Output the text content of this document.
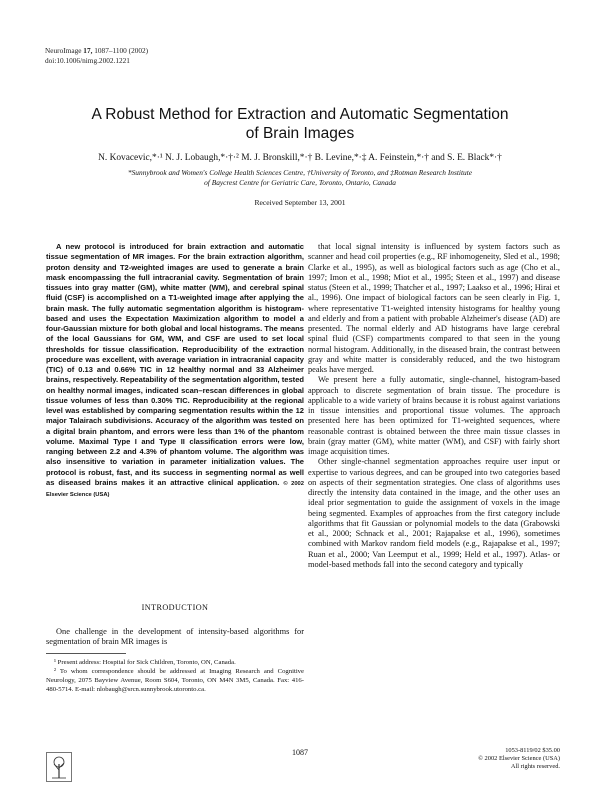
NeuroImage 17, 1087–1100 (2002)
doi:10.1006/nimg.2002.1221
A Robust Method for Extraction and Automatic Segmentation
of Brain Images
N. Kovacevic,*·¹ N. J. Lobaugh,*·†·² M. J. Bronskill,*·† B. Levine,*·‡ A. Feinstein,*·† and S. E. Black*·†
*Sunnybrook and Women's College Health Sciences Centre, †University of Toronto, and ‡Rotman Research Institute
of Baycrest Centre for Geriatric Care, Toronto, Ontario, Canada
Received September 13, 2001

A new protocol is introduced for brain extraction and automatic tissue segmentation of MR images. For the brain extraction algorithm, proton density and T2-weighted images are used to generate a brain mask encompassing the full intracranial cavity. Segmentation of brain tissues into gray matter (GM), white matter (WM), and cerebral spinal fluid (CSF) is accomplished on a T1-weighted image after applying the brain mask. The fully automatic segmentation algorithm is histogram-based and uses the Expectation Maximization algorithm to model a four-Gaussian mixture for both global and local histograms. The means of the local Gaussians for GM, WM, and CSF are used to set local thresholds for tissue classification. Reproducibility of the extraction procedure was excellent, with average variation in intracranial capacity (TIC) of 0.13 and 0.66% TIC in 12 healthy normal and 33 Alzheimer brains, respectively. Repeatability of the segmentation algorithm, tested on healthy normal images, indicated scan–rescan differences in global tissue volumes of less than 0.30% TIC. Reproducibility at the regional level was established by comparing segmentation results within the 12 major Talairach subdivisions. Accuracy of the algorithm was tested on a digital brain phantom, and errors were less than 1% of the phantom volume. Maximal Type I and Type II classification errors were low, ranging between 2.2 and 4.3% of phantom volume. The algorithm was also insensitive to variation in parameter initialization values. The protocol is robust, fast, and its success in segmenting normal as well as diseased brains makes it an attractive clinical application. © 2002 Elsevier Science (USA)

INTRODUCTION

One challenge in the development of intensity-based algorithms for segmentation of brain MR images is

¹ Present address: Hospital for Sick Children, Toronto, ON, Canada.

² To whom correspondence should be addressed at Imaging Research and Cognitive Neurology, 2075 Bayview Avenue, Room S604, Toronto, ON M4N 3M5, Canada. Fax: 416-480-5714. E-mail: nlobaugh@srcn.sunnybrook.utoronto.ca.

that local signal intensity is influenced by system factors such as scanner and head coil properties (e.g., RF inhomogeneity, Sled et al., 1998; Clarke et al., 1995), as well as biological factors such as age (Cho et al., 1997; Imon et al., 1998; Miot et al., 1995; Steen et al., 1997) and disease status (Steen et al., 1999; Thatcher et al., 1997; Laakso et al., 1996; Hirai et al., 1996). One impact of biological factors can be seen clearly in Fig. 1, where representative T1-weighted intensity histograms for healthy young and elderly and from a patient with probable Alzheimer's disease (AD) are presented. The normal elderly and AD histograms have large cerebral spinal fluid (CSF) compartments compared to that seen in the young normal histogram. Additionally, in the diseased brain, the contrast between gray and white matter is considerably reduced, and the two histogram peaks have merged.

We present here a fully automatic, single-channel, histogram-based approach to discrete segmentation of brain tissue. The procedure is applicable to a wide variety of brains because it is robust against variations in tissue intensities and proportional tissue volumes. The approach presented here has been optimized for T1-weighted sequences, where reasonable contrast is obtained between the three main tissue classes in brain (gray matter (GM), white matter (WM), and CSF) with fairly short image acquisition times.

Other single-channel segmentation approaches require user input or expertise to various degrees, and can be grouped into two categories based on aspects of their segmentation strategies. One class of algorithms uses directly the intensity data contained in the image, and the other uses an ideal prior segmentation to guide the assignment of voxels in the image being segmented. Examples of approaches from the first category include algorithms that fit Gaussian or polynomial models to the data (Grabowski et al., 2000; Schnack et al., 2001; Rajapakse et al., 1996), sometimes combined with Markov random field models (e.g., Rajapakse et al., 1997; Ruan et al., 2000; Van Leemput et al., 1999; Held et al., 1997). Atlas- or model-based methods fall into the second category and typically

1087	1053-8119/02 $35.00
© 2002 Elsevier Science (USA)
All rights reserved.
